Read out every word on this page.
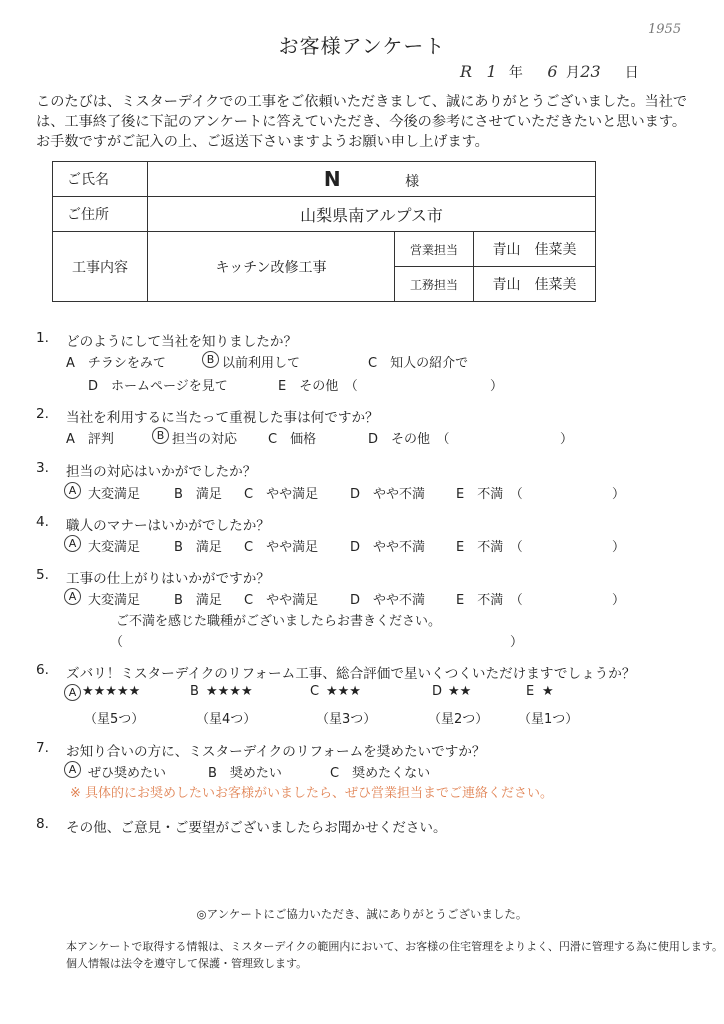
1955
お客様アンケート
R 1 年 6 月 23 日
このたびは、ミスターデイクでの工事をご依頼いただきまして、誠にありがとうございました。当社では、工事終了後に下記のアンケートに答えていただき、今後の参考にさせていただきたいと思います。お手数ですがご記入の上、ご返送下さいますようお願い申し上げます。
ご氏名	N 様		
ご住所	山梨県南アルプス市		
工事内容	キッチン改修工事	営業担当	青山　佳菜美
		工務担当	青山　佳菜美
1. どのようにして当社を知りましたか？
A　チラシをみて	B 以前利用して	C　知人の紹介で
D　ホームページを見て	E　その他　（	）
2. 当社を利用するに当たって重視した事は何ですか？
A　評判	B 担当の対応 C　価格	D　その他　（	）
3. 担当の対応はいかがでしたか？
A 大変満足	B　満足 C　やや満足 D　やや不満 E　不満　（	）
4. 職人のマナーはいかがでしたか？
A 大変満足	B　満足 C　やや満足 D　やや不満 E　不満　（	）
5. 工事の仕上がりはいかがですか？
A 大変満足	B　満足 C　やや満足 D　やや不満 E　不満　（	）
ご不満を感じた職種がございましたらお書きください。
（	）
6. ズバリ！ミスターデイクのリフォーム工事、総合評価で星いくつくいただけますでしょうか？
A ★★★★★
（星5つ）
B ★★★★
（星4つ）
C ★★★
（星3つ）
D ★★
（星2つ）
E ★
（星1つ）
7. お知り合いの方に、ミスターデイクのリフォームを奨めたいですか？
A ぜひ奨めたい	B　奨めたい	C　奨めたくない
※ 具体的にお奨めしたいお客様がいましたら、ぜひ営業担当までご連絡ください。
8. その他、ご意見・ご要望がございましたらお聞かせください。
◎アンケートにご協力いただき、誠にありがとうございました。
本アンケートで取得する情報は、ミスターデイクの範囲内において、お客様の住宅管理をよりよく、円滑に管理する為に使用します。
個人情報は法令を遵守して保護・管理致します。
